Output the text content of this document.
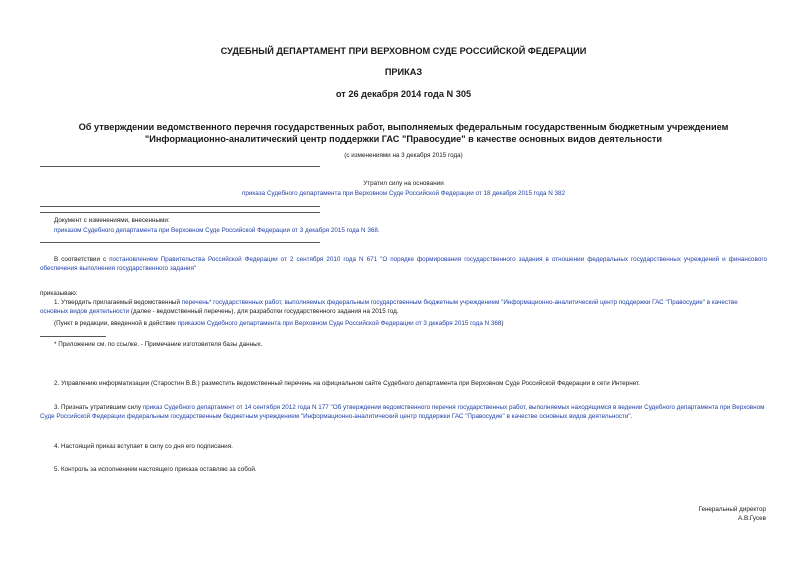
СУДЕБНЫЙ ДЕПАРТАМЕНТ ПРИ ВЕРХОВНОМ СУДЕ РОССИЙСКОЙ ФЕДЕРАЦИИ

ПРИКАЗ

от 26 декабря 2014 года N 305

Об утверждении ведомственного перечня государственных работ, выполняемых федеральным государственным бюджетным учреждением "Информационно-аналитический центр поддержки ГАС "Правосудие" в качестве основных видов деятельности

(с изменениями на 3 декабря 2015 года)

Утратил силу на основании

приказа Судебного департамента при Верховном Суде Российской Федерации от 18 декабря 2015 года N 382

Документ с изменениями, внесенными:

приказом Судебного департамента при Верховном Суде Российской Федерации от 3 декабря 2015 года N 368.

В соответствии с постановлением Правительства Российской Федерации от 2 сентября 2010 года N 671 "О порядке формирования государственного задания в отношении федеральных государственных учреждений и финансового обеспечения выполнения государственного задания"

приказываю:

1. Утвердить прилагаемый ведомственный перечень* государственных работ, выполняемых федеральным государственным бюджетным учреждением "Информационно-аналитический центр поддержки ГАС "Правосудие" в качестве основных видов деятельности (далее - ведомственный перечень), для разработки государственного задания на 2015 год.

(Пункт в редакции, введенной в действие приказом Судебного департамента при Верховном Суде Российской Федерации от 3 декабря 2015 года N 368)

* Приложение см. по ссылке. - Примечание изготовителя базы данных.

2. Управлению информатизации (Старостин В.В.) разместить ведомственный перечень на официальном сайте Судебного департамента при Верховном Суде Российской Федерации в сети Интернет.

3. Признать утратившим силу приказ Судебного департамент от 14 сентября 2012 года N 177 "Об утверждении ведомственного перечня государственных работ, выполняемых находящимся в ведении Судебного департамента при Верховном Суде Российской Федерации федеральным государственным бюджетным учреждением "Информационно-аналитический центр поддержки ГАС "Правосудие" в качестве основных видов деятельности".

4. Настоящий приказ вступает в силу со дня его подписания.

5. Контроль за исполнением настоящего приказа оставляю за собой.

Генеральный директор

А.В.Гусев
